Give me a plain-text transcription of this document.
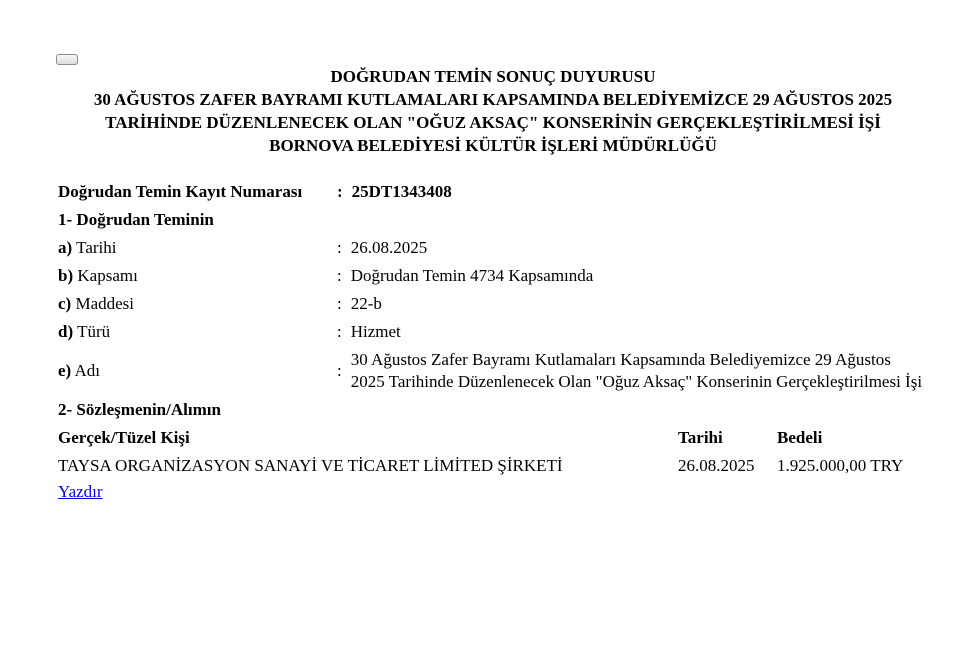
DOĞRUDAN TEMİN SONUÇ DUYURUSU
30 AĞUSTOS ZAFER BAYRAMI KUTLAMALARI KAPSAMINDA BELEDİYEMİZCE 29 AĞUSTOS 2025 TARİHİNDE DÜZENLENECEK OLAN "OĞUZ AKSAÇ" KONSERİNİN GERÇEKLEŞTİRİLMESİ İŞİ
BORNOVA BELEDİYESİ KÜLTÜR İŞLERİ MÜDÜRLÜĞÜ
Doğrudan Temin Kayıt Numarası	: 25DT1343408

1- Doğrudan Teminin	
a) Tarihi	: 26.08.2025

b) Kapsamı	: Doğrudan Temin 4734 Kapsamında

c) Maddesi	: 22-b

d) Türü	: Hizmet

e) Adı	: 30 Ağustos Zafer Bayramı Kutlamaları Kapsamında Belediyemizce 29 Ağustos 2025 Tarihinde Düzenlenecek Olan "Oğuz Aksaç" Konserinin Gerçekleştirilmesi İşi

2- Sözleşmenin/Alımın	
Gerçek/Tüzel Kişi	Tarihi	Bedeli
TAYSA ORGANİZASYON SANAYİ VE TİCARET LİMİTED ŞİRKETİ	26.08.2025	1.925.000,00 TRY
Yazdır
